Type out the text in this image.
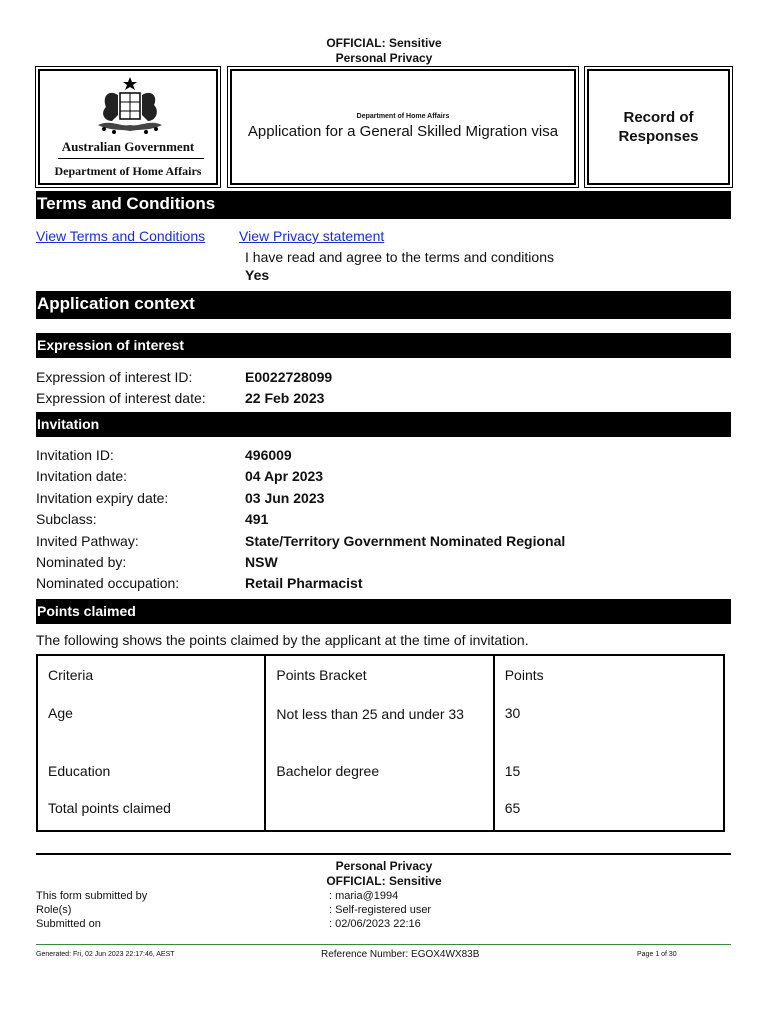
OFFICIAL: Sensitive
Personal Privacy
Australian Government
Department of Home Affairs
Department of Home Affairs
Application for a General Skilled Migration visa
Record of
Responses
Terms and Conditions
View Terms and Conditions View Privacy statement
I have read and agree to the terms and conditions
Yes
Application context
Expression of interest
Expression of interest ID:	E0022728099
Expression of interest date:	22 Feb 2023
Invitation
Invitation ID:	496009
Invitation date:	04 Apr 2023
Invitation expiry date:	03 Jun 2023
Subclass:	491
Invited Pathway:	State/Territory Government Nominated Regional
Nominated by:	NSW
Nominated occupation:	Retail Pharmacist
Points claimed
The following shows the points claimed by the applicant at the time of invitation.
Criteria	Points Bracket	Points
Age	Not less than 25 and under 33	30
Education	Bachelor degree	15
Total points claimed		65
Personal Privacy
OFFICIAL: Sensitive
This form submitted by	: maria@1994
Role(s)	: Self-registered user
Submitted on	: 02/06/2023 22:16
Generated: Fri, 02 Jun 2023 22:17:46, AEST	Reference Number: EGOX4WX83B	Page 1 of 30
